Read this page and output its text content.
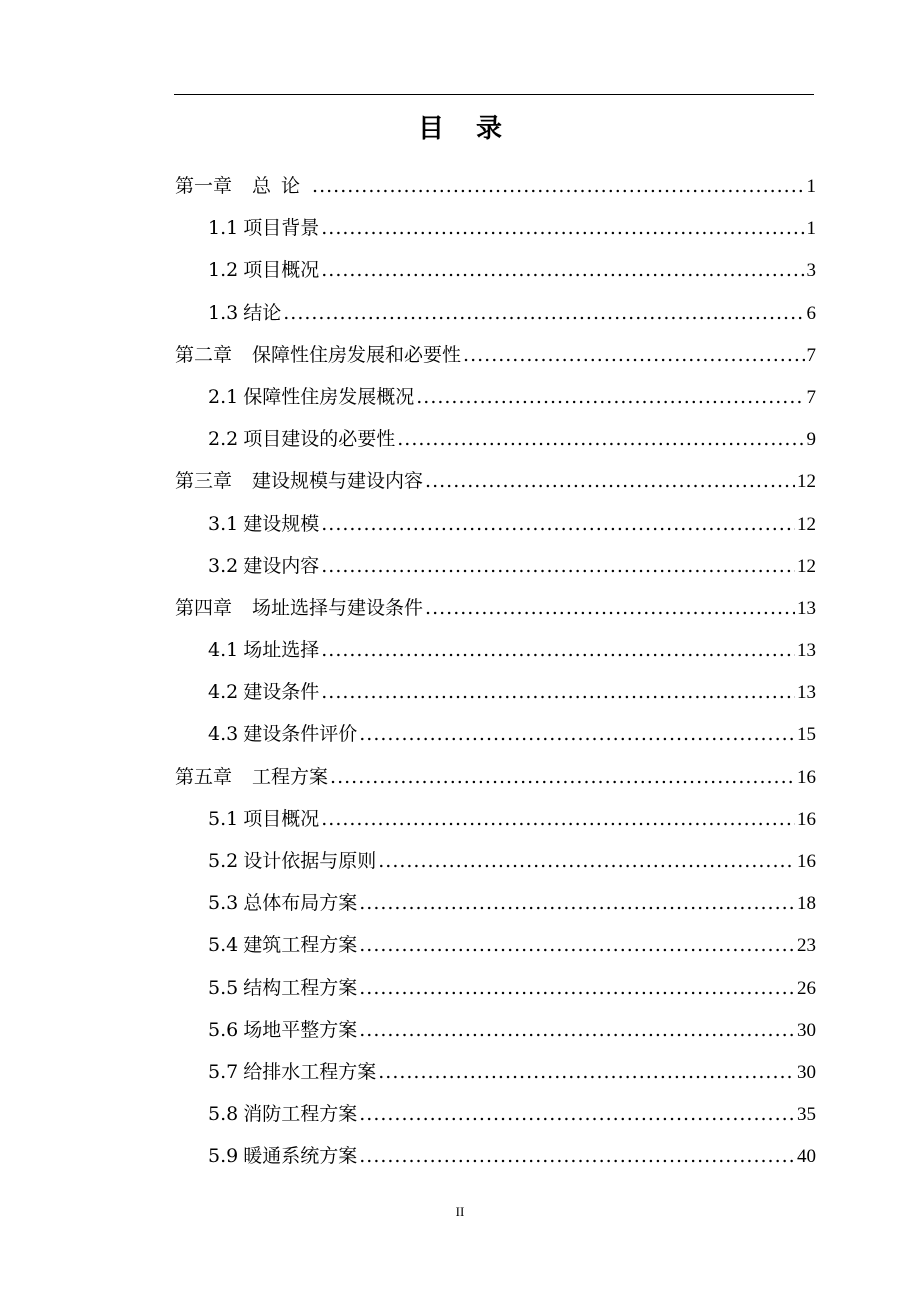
目录
第一章 总论 .....	1
1.1 项目背景 .....	1
1.2 项目概况 .....	3
1.3 结论 .....	6
第二章 保障性住房发展和必要性 .....	7
2.1 保障性住房发展概况 .....	7
2.2 项目建设的必要性 .....	9
第三章 建设规模与建设内容 .....	12
3.1 建设规模 .....	12
3.2 建设内容 .....	12
第四章 场址选择与建设条件 .....	13
4.1 场址选择 .....	13
4.2 建设条件 .....	13
4.3 建设条件评价 .....	15
第五章 工程方案 .....	16
5.1 项目概况 .....	16
5.2 设计依据与原则 .....	16
5.3 总体布局方案 .....	18
5.4 建筑工程方案 .....	23
5.5 结构工程方案 .....	26
5.6 场地平整方案 .....	30
5.7 给排水工程方案 .....	30
5.8 消防工程方案 .....	35
5.9 暖通系统方案 .....	40
II
